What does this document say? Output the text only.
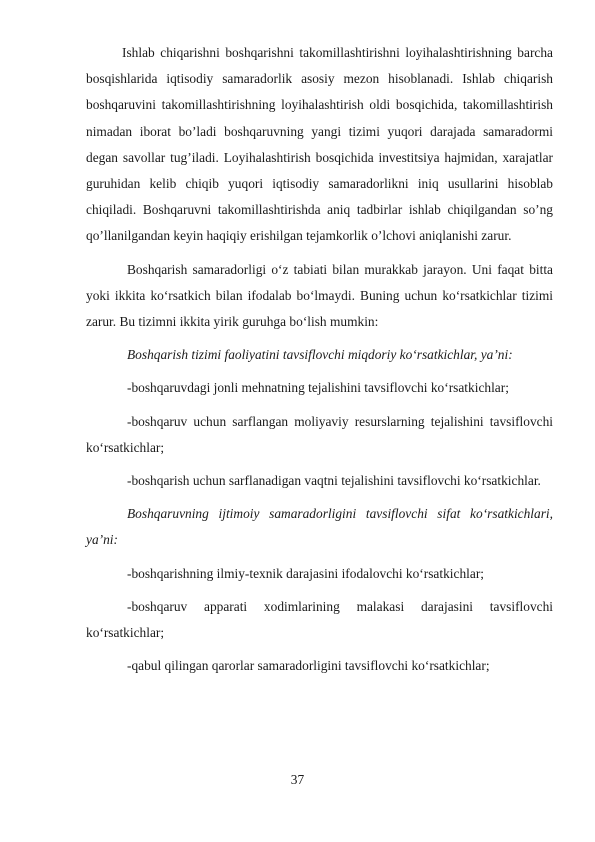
Ishlab chiqarishni boshqarishni takomillashtirishni loyihalashtirishning barcha bosqishlarida iqtisodiy samaradorlik asosiy mezon hisoblanadi. Ishlab chiqarish boshqaruvini takomillashtirishning loyihalashtirish oldi bosqichida, takomillashtirish nimadan iborat bo’ladi boshqaruvning yangi tizimi yuqori darajada samaradormi degan savollar tug’iladi. Loyihalashtirish bosqichida investitsiya hajmidan, xarajatlar guruhidan kelib chiqib yuqori iqtisodiy samaradorlikni iniq usullarini hisoblab chiqiladi. Boshqaruvni takomillashtirishda aniq tadbirlar ishlab chiqilgandan so’ng qo’llanilgandan keyin haqiqiy erishilgan tejamkorlik o’lchovi aniqlanishi zarur.

Boshqarish samaradorligi o‘z tabiati bilan murakkab jarayon. Uni faqat bitta yoki ikkita ko‘rsatkich bilan ifodalab bo‘lmaydi. Buning uchun ko‘rsatkichlar tizimi zarur. Bu tizimni ikkita yirik guruhga bo‘lish mumkin:

Boshqarish tizimi faoliyatini tavsiflovchi miqdoriy ko‘rsatkichlar, ya’ni:

-boshqaruvdagi jonli mehnatning tejalishini tavsiflovchi ko‘rsatkichlar;

-boshqaruv uchun sarflangan moliyaviy resurslarning tejalishini tavsiflovchi ko‘rsatkichlar;

-boshqarish uchun sarflanadigan vaqtni tejalishini tavsiflovchi ko‘rsatkichlar.

Boshqaruvning ijtimoiy samaradorligini tavsiflovchi sifat ko‘rsatkichlari, ya’ni:

-boshqarishning ilmiy-texnik darajasini ifodalovchi ko‘rsatkichlar;

-boshqaruv apparati xodimlarining malakasi darajasini tavsiflovchi ko‘rsatkichlar;

-qabul qilingan qarorlar samaradorligini tavsiflovchi ko‘rsatkichlar;

37
